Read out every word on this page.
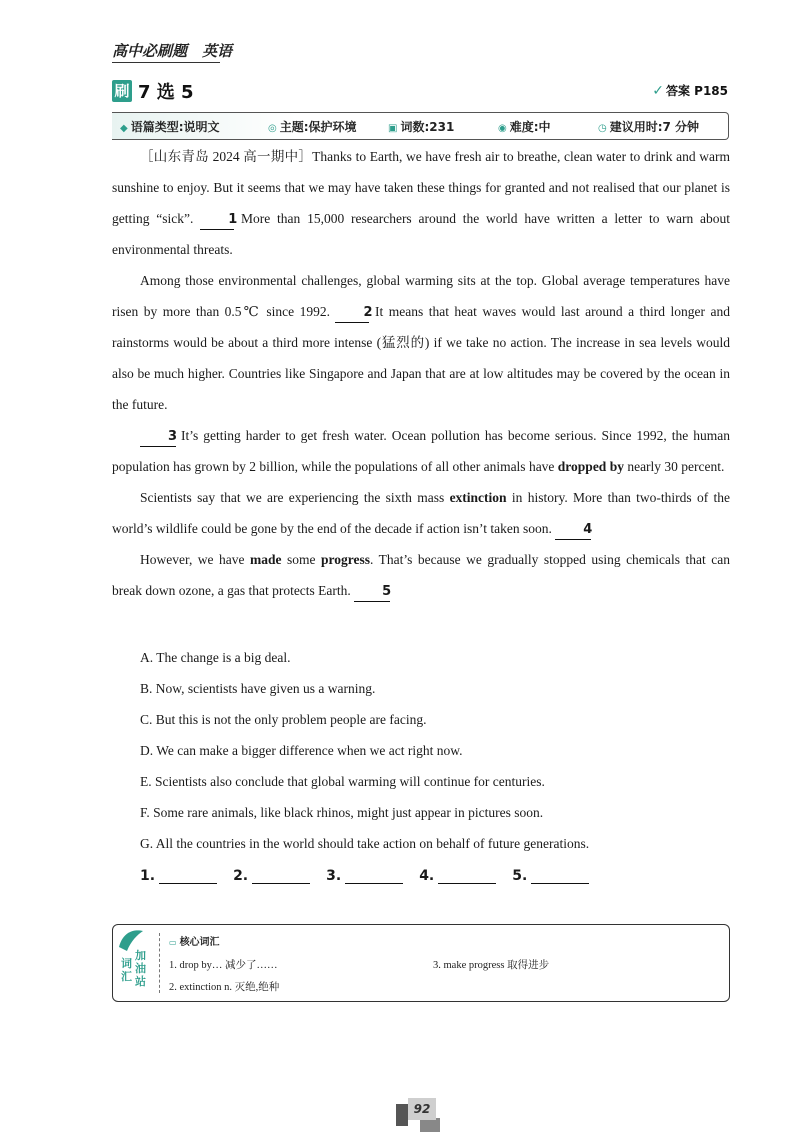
高中必刷题　英语
刷 7 选 5	✓ 答案 P185
◆ 语篇类型:说明文	◎ 主题:保护环境	▣ 词数:231	◉ 难度:中	◷ 建议用时:7 分钟

［山东青岛 2024 高一期中］Thanks to Earth, we have fresh air to breathe, clean water to drink and warm sunshine to enjoy. But it seems that we may have taken these things for granted and not realised that our planet is getting “sick”.	1 More than 15,000 researchers around the world have written a letter to warn about environmental threats.

Among those environmental challenges, global warming sits at the top. Global average temperatures have risen by more than 0.5℃ since 1992.	2 It means that heat waves would last around a third longer and rainstorms would be about a third more intense (猛烈的) if we take no action. The increase in sea levels would also be much higher. Countries like Singapore and Japan that are at low altitudes may be covered by the ocean in the future.

3 It’s getting harder to get fresh water. Ocean pollution has become serious. Since 1992, the human population has grown by 2 billion, while the populations of all other animals have dropped by nearly 30 percent.

Scientists say that we are experiencing the sixth mass extinction in history. More than two-thirds of the world’s wildlife could be gone by the end of the decade if action isn’t taken soon. 4

However, we have made some progress. That’s because we gradually stopped using chemicals that can break down ozone, a gas that protects Earth. 5

A. The change is a big deal.
B. Now, scientists have given us a warning.
C. But this is not the only problem people are facing.
D. We can make a bigger difference when we act right now.
E. Scientists also conclude that global warming will continue for centuries.
F. Some rare animals, like black rhinos, might just appear in pictures soon.
G. All the countries in the world should take action on behalf of future generations.
1.	2.	3.	4.	5.
词汇
加油站
▭ 核心词汇
1. drop by… 减少了……
2. extinction n. 灭绝,绝种
3. make progress 取得进步
92
